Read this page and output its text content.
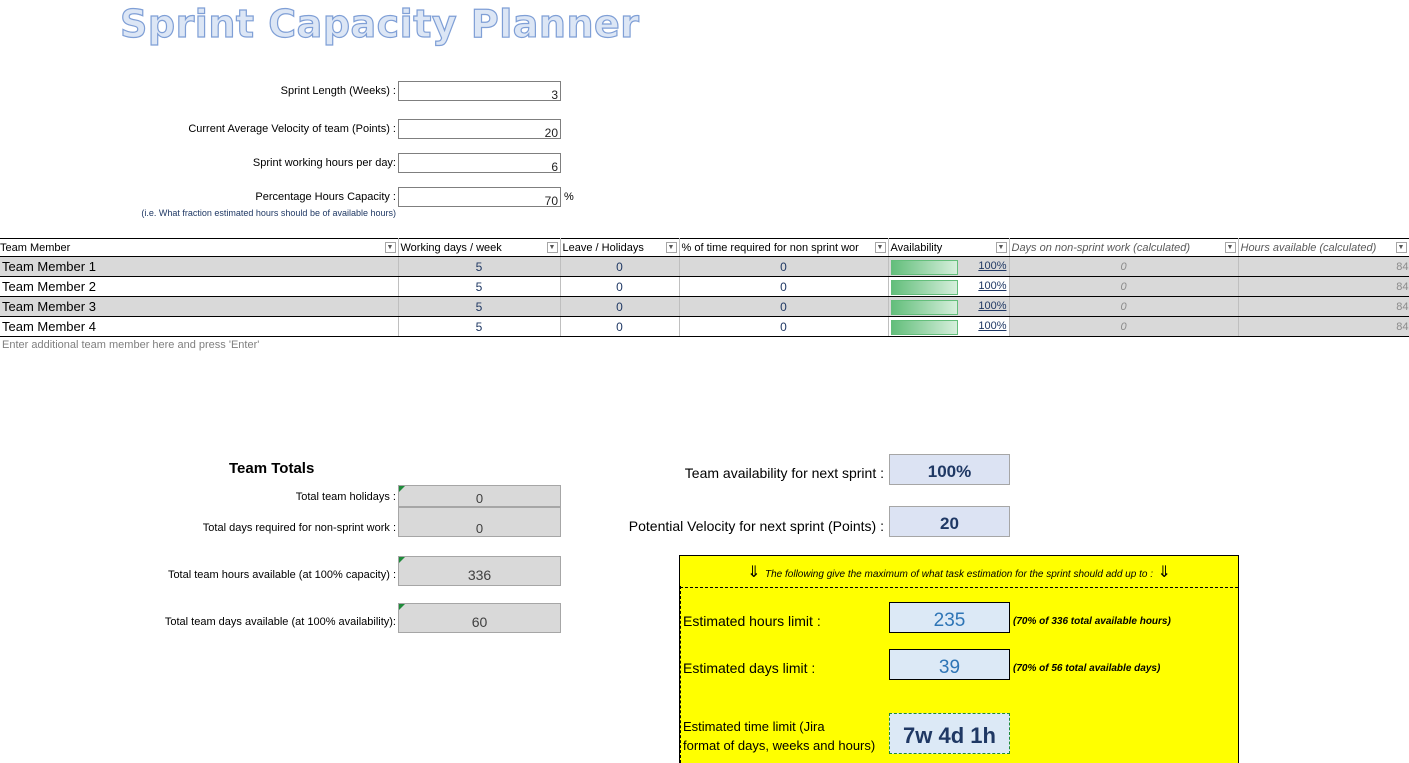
Sprint Capacity Planner
Sprint Length (Weeks) :	3
Current Average Velocity of team (Points) :	20
Sprint working hours per day:	6
Percentage Hours Capacity :	70 %
(i.e. What fraction estimated hours should be of available hours)
Team Member ▼	Working days / week ▼	Leave / Holidays ▼	% of time required for non sprint wor ▼	Availability ▼	Days on non-sprint work (calculated) ▼	Hours available (calculated) ▼

Team Member 1	5	0	0	100%	0	84
Team Member 2	5	0	0	100%	0	84
Team Member 3	5	0	0	100%	0	84
Team Member 4	5	0	0	100%	0	84
Enter additional team member here and press 'Enter'
Team Totals
Total team holidays :	0
Total days required for non-sprint work :	0
Total team hours available (at 100% capacity) :	336
Total team days available (at 100% availability):	60
Team availability for next sprint :	100%
Potential Velocity for next sprint (Points) :	20
⇓ The following give the maximum of what task estimation for the sprint should add up to : ⇓
Estimated hours limit :	235	(70% of 336 total available hours)
Estimated days limit :	39	(70% of 56 total available days)
Estimated time limit (Jira
format of days, weeks and hours)	7w 4d 1h
